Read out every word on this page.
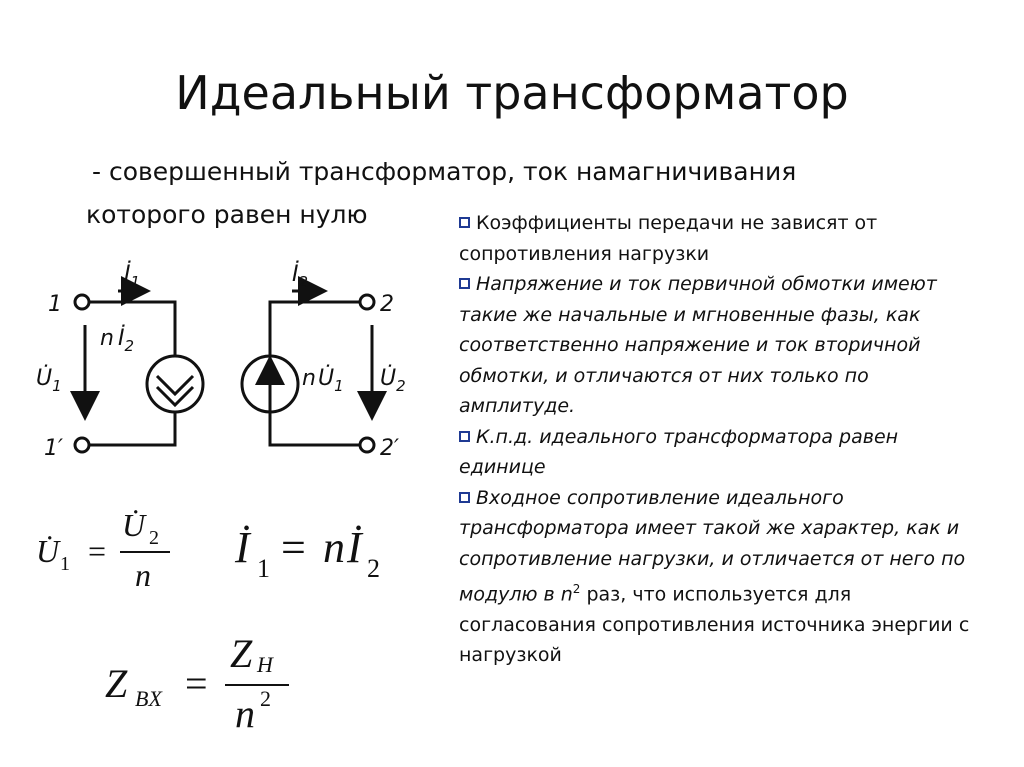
Идеальный трансформатор
- совершенный трансформатор, ток намагничивания
которого равен нулю	Коэффициенты передачи не зависят от сопротивления нагрузки

Напряжение и ток первичной обмотки имеют такие же начальные и мгновенные фазы, как соответственно напряжение и ток вторичной обмотки, и отличаются от них только по амплитуде.

К.п.д. идеального трансформатора равен единице

Входное сопротивление идеального трансформатора имеет такой же характер, как и сопротивление нагрузки, и отличается от него по модулю в $n^2$ раз, что используется для согласования сопротивления источника энергии с нагрузкой

1
1′
$İ_1$
n $İ_2$
$U̇_1$
$İ_2$
$nU̇_1$ $U̇_2$
2
2′
U̇ 1 =
U̇ 2
n
İ 1 = n İ 2
Z BX =
Z H
n 2
